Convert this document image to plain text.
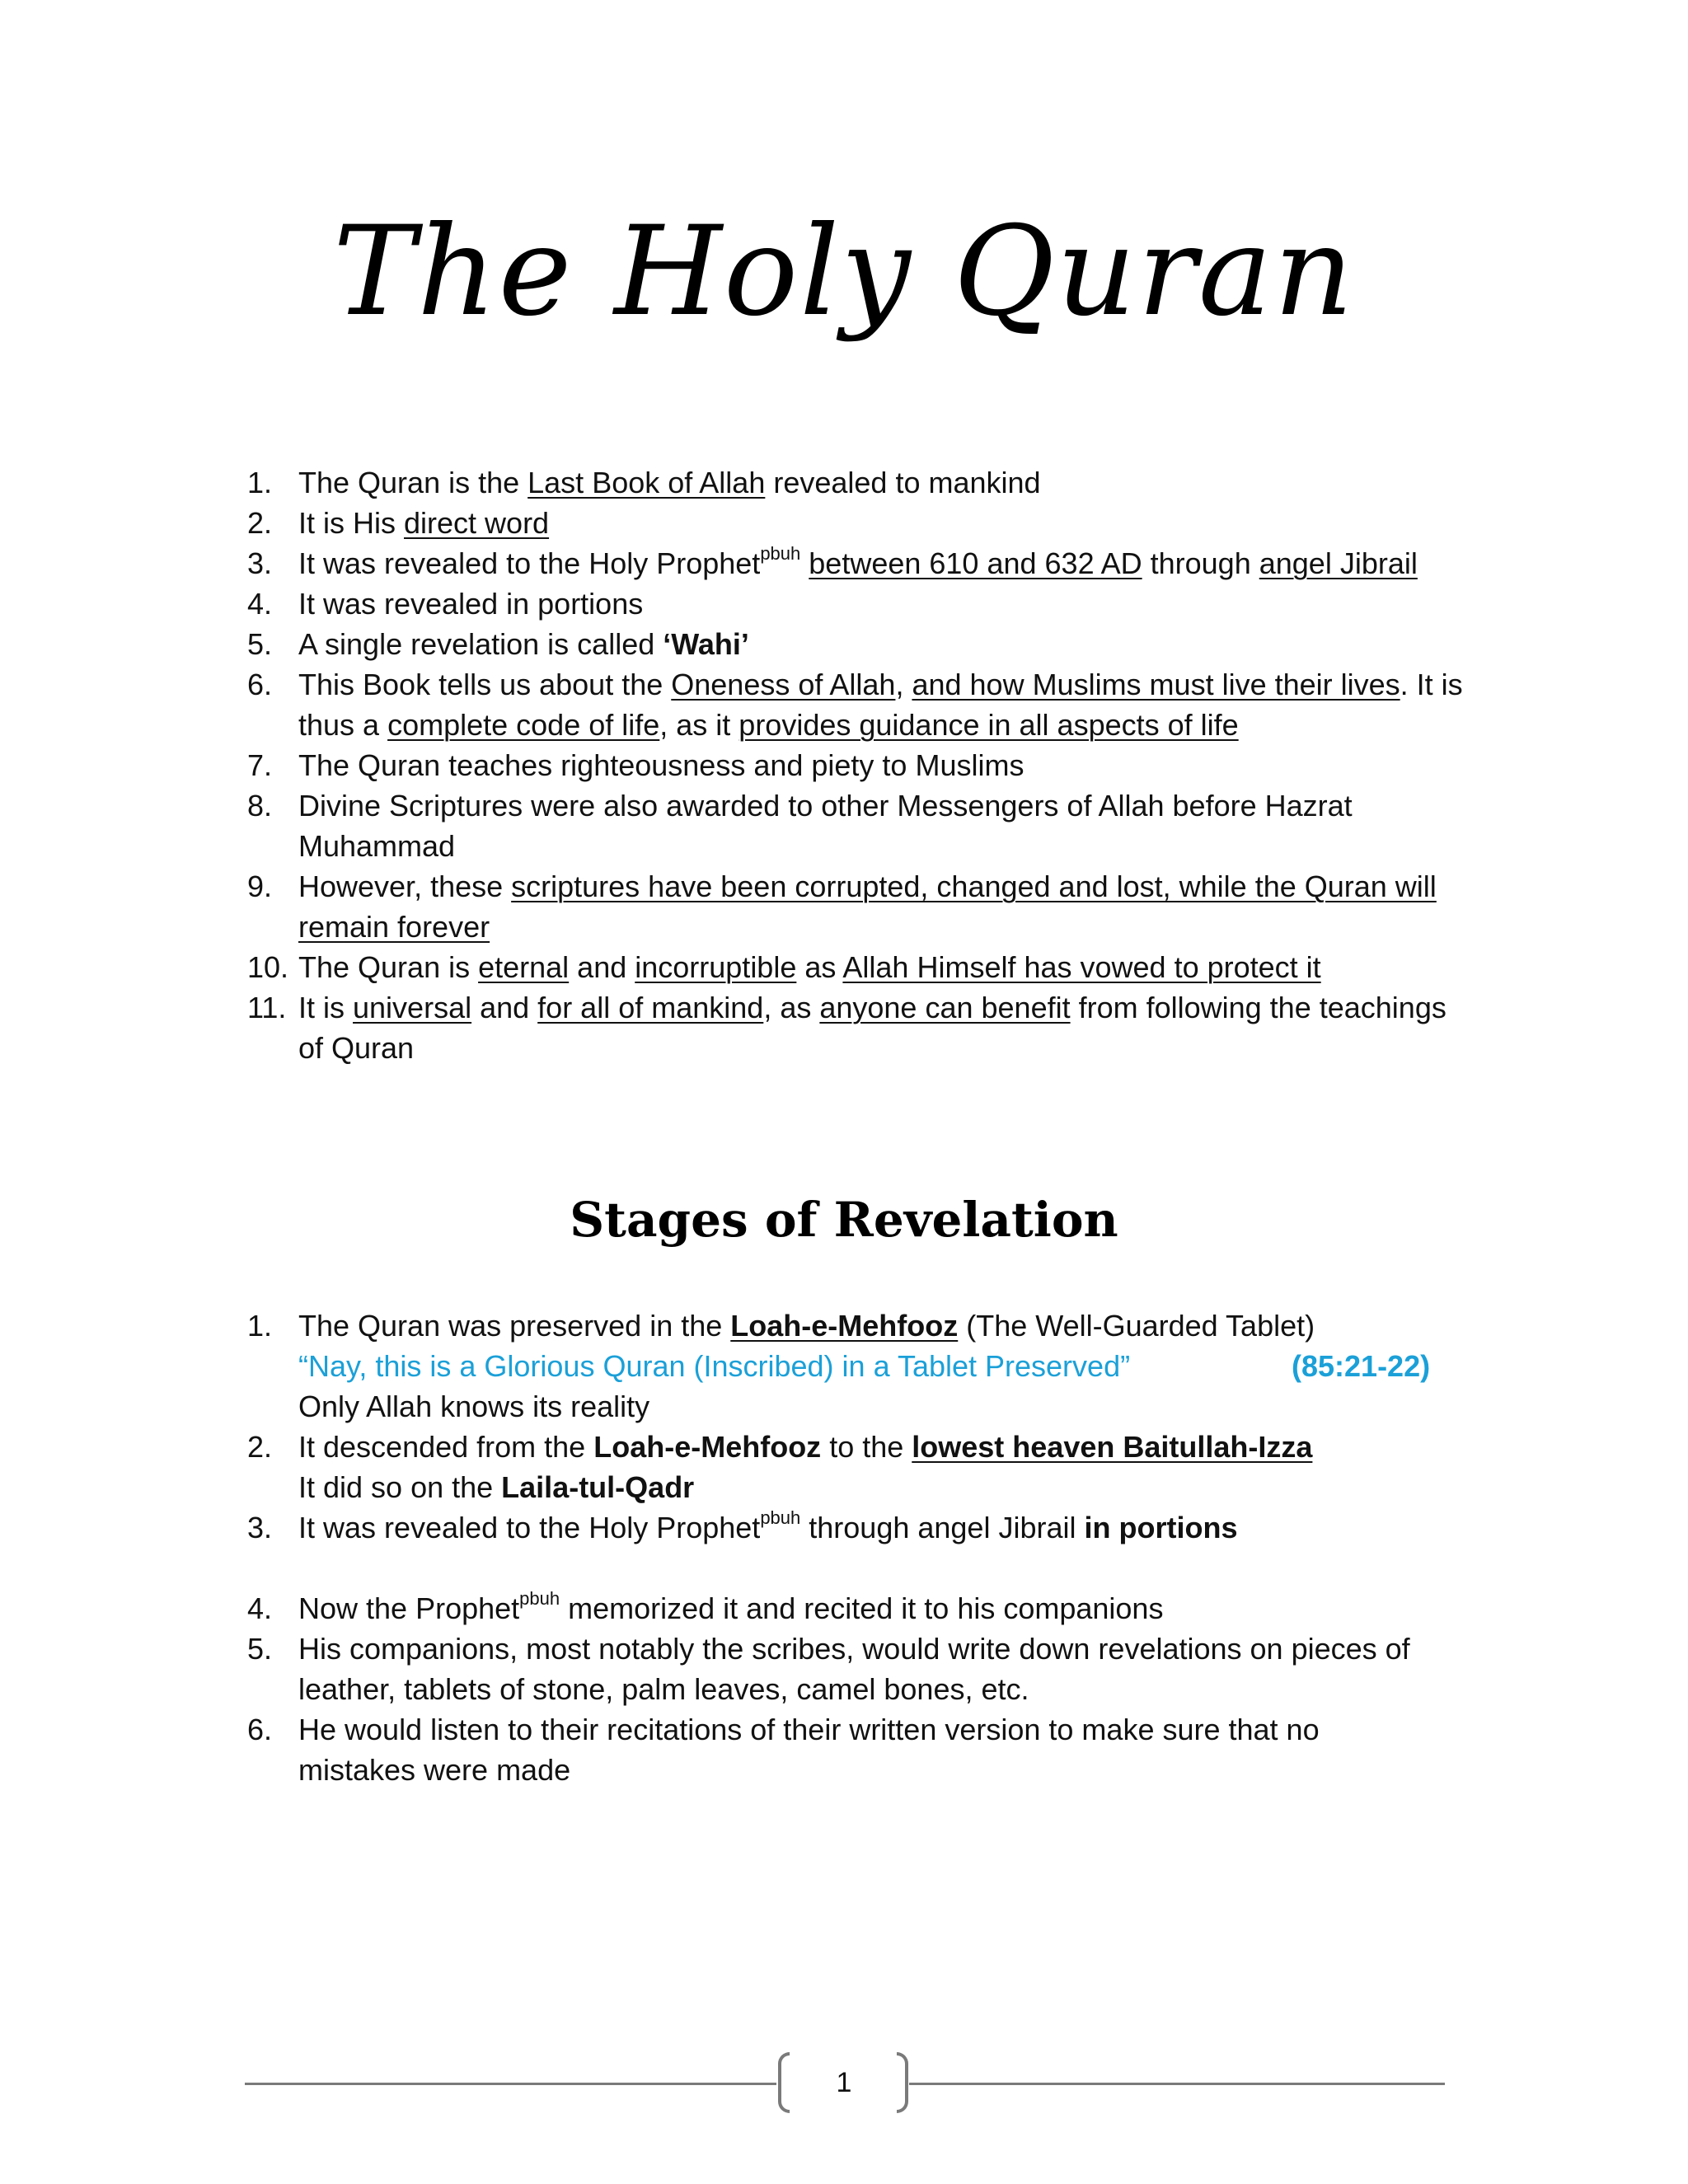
The Holy Quran
1. The Quran is the Last Book of Allah revealed to mankind
2. It is His direct word
3. It was revealed to the Holy Prophet$^{pbuh}$ between 610 and 632 AD through angel Jibrail
4. It was revealed in portions
5. A single revelation is called ‘Wahi’
6. This Book tells us about the Oneness of Allah, and how Muslims must live their lives. It is
thus a complete code of life, as it provides guidance in all aspects of life
7. The Quran teaches righteousness and piety to Muslims
8. Divine Scriptures were also awarded to other Messengers of Allah before Hazrat
Muhammad
9. However, these scriptures have been corrupted, changed and lost, while the Quran will
remain forever
10. The Quran is eternal and incorruptible as Allah Himself has vowed to protect it
11. It is universal and for all of mankind, as anyone can benefit from following the teachings
of Quran
Stages of Revelation
1. The Quran was preserved in the Loah-e-Mehfooz (The Well-Guarded Tablet)

“Nay, this is a Glorious Quran (Inscribed) in a Tablet Preserved”	(85:21-22)
Only Allah knows its reality
2. It descended from the Loah-e-Mehfooz to the lowest heaven Baitullah-Izza
It did so on the Laila-tul-Qadr
3. It was revealed to the Holy Prophet$^{pbuh}$ through angel Jibrail in portions
4. Now the Prophet$^{pbuh}$ memorized it and recited it to his companions
5. His companions, most notably the scribes, would write down revelations on pieces of
leather, tablets of stone, palm leaves, camel bones, etc.
6. He would listen to their recitations of their written version to make sure that no
mistakes were made
1
